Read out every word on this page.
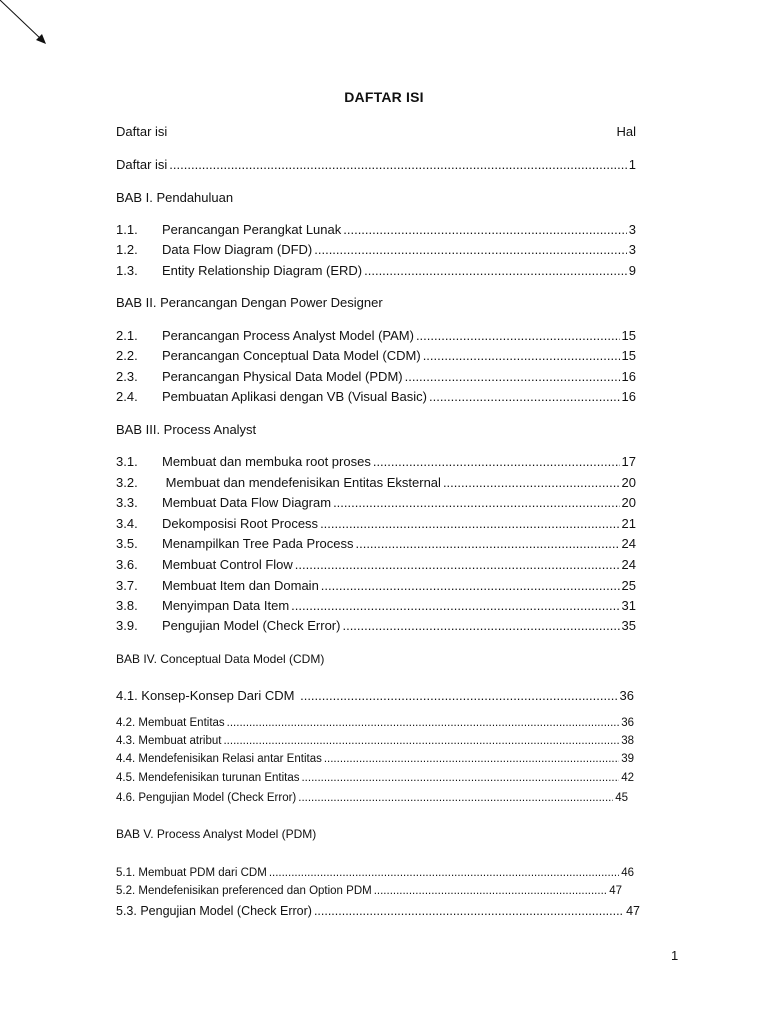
DAFTAR ISI
Daftar isi	Hal
Daftar isi .....	1
BAB I. Pendahuluan
1.1.	Perancangan Perangkat Lunak .....	3
1.2.	Data Flow Diagram (DFD) .....	3
1.3.	Entity Relationship Diagram (ERD) .....	9
BAB II. Perancangan Dengan Power Designer
2.1.	Perancangan Process Analyst Model (PAM) .....	15
2.2.	Perancangan Conceptual Data Model (CDM) .....	15
2.3.	Perancangan Physical Data Model (PDM) .....	16
2.4.	Pembuatan Aplikasi dengan VB (Visual Basic) .....	16
BAB III. Process Analyst
3.1.	Membuat dan membuka root proses .....	17
3.2.	Membuat dan mendefenisikan Entitas Eksternal .....	20
3.3.	Membuat Data Flow Diagram .....	20
3.4.	Dekomposisi Root Process .....	21
3.5.	Menampilkan Tree Pada Process .....	24
3.6.	Membuat Control Flow .....	24
3.7.	Membuat Item dan Domain .....	25
3.8.	Menyimpan Data Item .....	31
3.9.	Pengujian Model (Check Error) .....	35
BAB IV. Conceptual Data Model (CDM)
4.1. Konsep-Konsep Dari CDM .....	36
4.2. Membuat Entitas .....	36
4.3. Membuat atribut .....	38
4.4. Mendefenisikan Relasi antar Entitas .....	39
4.5. Mendefenisikan turunan Entitas .....	42
4.6. Pengujian Model (Check Error) .....	45
BAB V. Process Analyst Model (PDM)
5.1. Membuat PDM dari CDM .....	46
5.2. Mendefenisikan preferenced dan Option PDM .....	47
5.3. Pengujian Model (Check Error) .....	47
1
